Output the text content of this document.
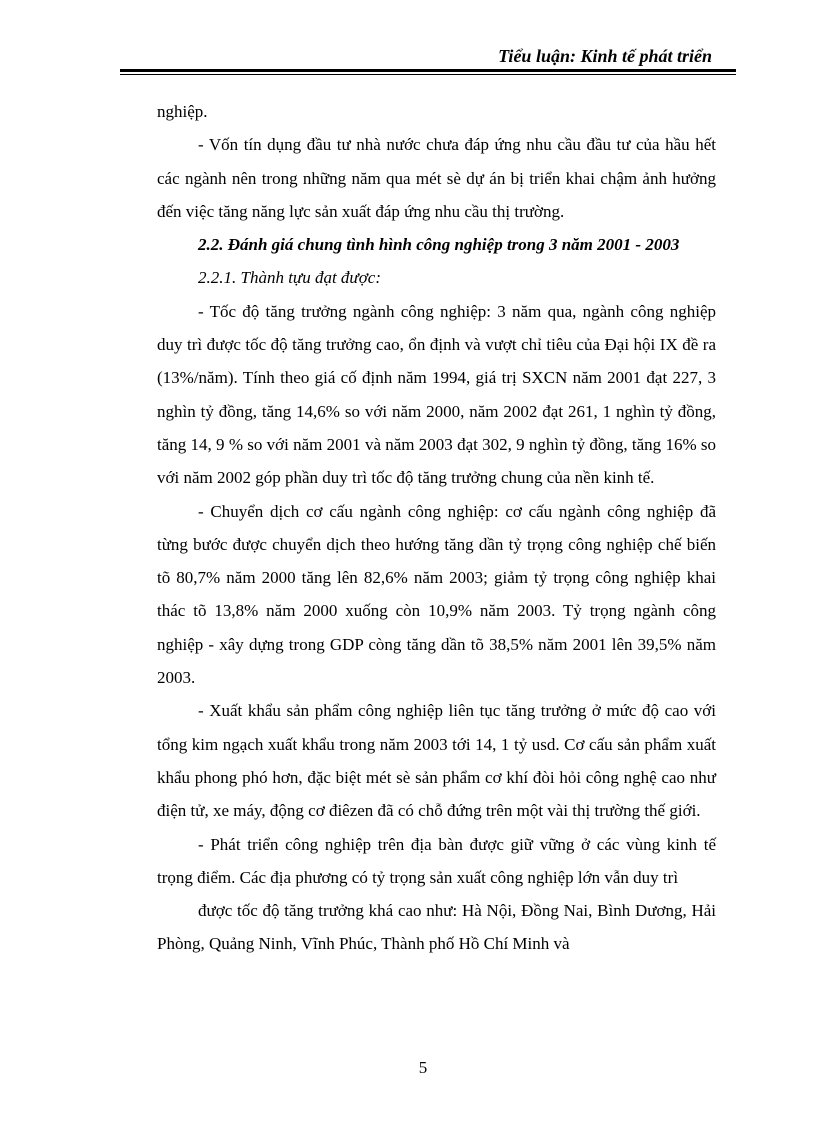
Tiểu luận: Kinh tế phát triển

nghiệp.

- Vốn tín dụng đầu tư nhà nước chưa đáp ứng nhu cầu đầu tư của hầu hết các ngành nên trong những năm qua mét sè dự án bị triển khai chậm ảnh hưởng đến việc tăng năng lực sản xuất đáp ứng nhu cầu thị trường.

2.2. Đánh giá chung tình hình công nghiệp trong 3 năm 2001 - 2003

2.2.1. Thành tựu đạt được:

- Tốc độ tăng trưởng ngành công nghiệp: 3 năm qua, ngành công nghiệp duy trì được tốc độ tăng trưởng cao, ổn định và vượt chỉ tiêu của Đại hội IX đề ra (13%/năm). Tính theo giá cố định năm 1994, giá trị SXCN năm 2001 đạt 227, 3 nghìn tỷ đồng, tăng 14,6% so với năm 2000, năm 2002 đạt 261, 1 nghìn tỷ đồng, tăng 14, 9 % so với năm 2001 và năm 2003 đạt 302, 9 nghìn tỷ đồng, tăng 16% so với năm 2002 góp phần duy trì tốc độ tăng trưởng chung của nền kinh tế.

- Chuyển dịch cơ cấu ngành công nghiệp: cơ cấu ngành công nghiệp đã từng bước được chuyển dịch theo hướng tăng dần tỷ trọng công nghiệp chế biến tõ 80,7% năm 2000 tăng lên 82,6% năm 2003; giảm tỷ trọng công nghiệp khai thác tõ 13,8% năm 2000 xuống còn 10,9% năm 2003. Tỷ trọng ngành công nghiệp - xây dựng trong GDP còng tăng dần tõ 38,5% năm 2001 lên 39,5% năm 2003.

- Xuất khẩu sản phẩm công nghiệp liên tục tăng trưởng ở mức độ cao với tổng kim ngạch xuất khẩu trong năm 2003 tới 14, 1 tỷ usd. Cơ cấu sản phẩm xuất khẩu phong phó hơn, đặc biệt mét sè sản phẩm cơ khí đòi hỏi công nghệ cao như điện tử, xe máy, động cơ điêzen đã có chỗ đứng trên một vài thị trường thế giới.

- Phát triển công nghiệp trên địa bàn được giữ vững ở các vùng kinh tế trọng điểm. Các địa phương có tỷ trọng sản xuất công nghiệp lớn vẫn duy trì

được tốc độ tăng trưởng khá cao như: Hà Nội, Đồng Nai, Bình Dương, Hải Phòng, Quảng Ninh, Vĩnh Phúc, Thành phố Hồ Chí Minh và

5
